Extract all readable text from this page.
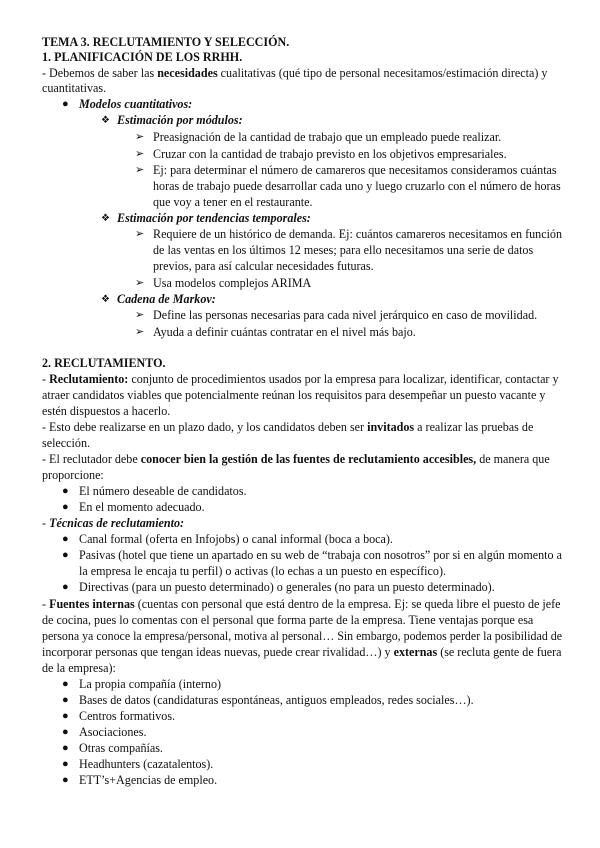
TEMA 3. RECLUTAMIENTO Y SELECCIÓN.
1. PLANIFICACIÓN DE LOS RRHH.
- Debemos de saber las necesidades cualitativas (qué tipo de personal necesitamos/estimación directa) y
cuantitativas.
● Modelos cuantitativos:
❖ Estimación por módulos:
➢ Preasignación de la cantidad de trabajo que un empleado puede realizar.
➢ Cruzar con la cantidad de trabajo previsto en los objetivos empresariales.
➢ Ej: para determinar el número de camareros que necesitamos consideramos cuántas
horas de trabajo puede desarrollar cada uno y luego cruzarlo con el número de horas
que voy a tener en el restaurante.
❖ Estimación por tendencias temporales:
➢ Requiere de un histórico de demanda. Ej: cuántos camareros necesitamos en función
de las ventas en los últimos 12 meses; para ello necesitamos una serie de datos
previos, para así calcular necesidades futuras.
➢ Usa modelos complejos ARIMA
❖ Cadena de Markov:
➢ Define las personas necesarias para cada nivel jerárquico en caso de movilidad.
➢ Ayuda a definir cuántas contratar en el nivel más bajo.
2. RECLUTAMIENTO.
- Reclutamiento: conjunto de procedimientos usados por la empresa para localizar, identificar, contactar y
atraer candidatos viables que potencialmente reúnan los requisitos para desempeñar un puesto vacante y
estén dispuestos a hacerlo.
- Esto debe realizarse en un plazo dado, y los candidatos deben ser invitados a realizar las pruebas de
selección.
- El reclutador debe conocer bien la gestión de las fuentes de reclutamiento accesibles, de manera que
proporcione:
● El número deseable de candidatos.
● En el momento adecuado.
- Técnicas de reclutamiento:
● Canal formal (oferta en Infojobs) o canal informal (boca a boca).
● Pasivas (hotel que tiene un apartado en su web de “trabaja con nosotros” por si en algún momento a
la empresa le encaja tu perfil) o activas (lo echas a un puesto en específico).
● Directivas (para un puesto determinado) o generales (no para un puesto determinado).
- Fuentes internas (cuentas con personal que está dentro de la empresa. Ej: se queda libre el puesto de jefe
de cocina, pues lo comentas con el personal que forma parte de la empresa. Tiene ventajas porque esa
persona ya conoce la empresa/personal, motiva al personal… Sin embargo, podemos perder la posibilidad de
incorporar personas que tengan ideas nuevas, puede crear rivalidad…) y externas (se recluta gente de fuera
de la empresa):
● La propia compañía (interno)
● Bases de datos (candidaturas espontáneas, antiguos empleados, redes sociales…).
● Centros formativos.
● Asociaciones.
● Otras compañías.
● Headhunters (cazatalentos).
● ETT’s+Agencias de empleo.
